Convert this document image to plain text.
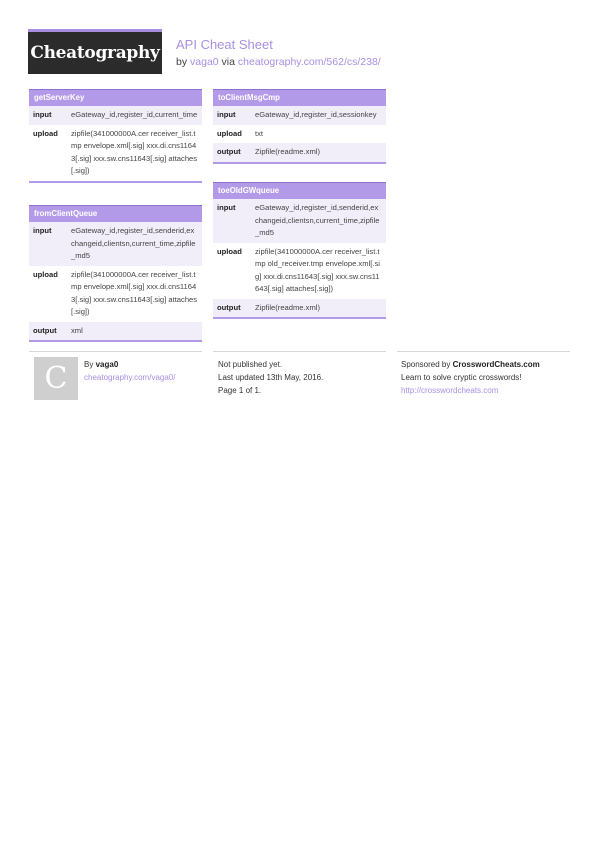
Cheatography API Cheat Sheet
by vaga0 via cheatography.com/562/cs/238/
getServerKey
input	eGateway_id,register_id,current_time
upload	zipfile(341000000A.cer receiver_list.tmp envelope.xml[.sig] xxx.di.cns11643[.sig] xxx.sw.cns11643[.sig] attaches[.sig])
fromClientQueue
input	eGateway_id,register_id,senderid,exchangeid,clientsn,current_time,zipfile_md5
upload	zipfile(341000000A.cer receiver_list.tmp envelope.xml[.sig] xxx.di.cns11643[.sig] xxx.sw.cns11643[.sig] attaches[.sig])
output	xml
toClientMsgCmp
input	eGateway_id,register_id,sessionkey
upload	txt
output	Zipfile(readme.xml)
toeOldGWqueue
input	eGateway_id,register_id,senderid,exchangeid,clientsn,current_time,zipfile_md5
upload	zipfile(341000000A.cer receiver_list.tmp old_receiver.tmp envelope.xml[.sig] xxx.di.cns11643[.sig] xxx.sw.cns11643[.sig] attaches[.sig])
output	Zipfile(readme.xml)
C By vaga0
cheatography.com/vaga0/
Not published yet.
Last updated 13th May, 2016.
Page 1 of 1.
Sponsored by CrosswordCheats.com
Learn to solve cryptic crosswords!
http://crosswordcheats.com
